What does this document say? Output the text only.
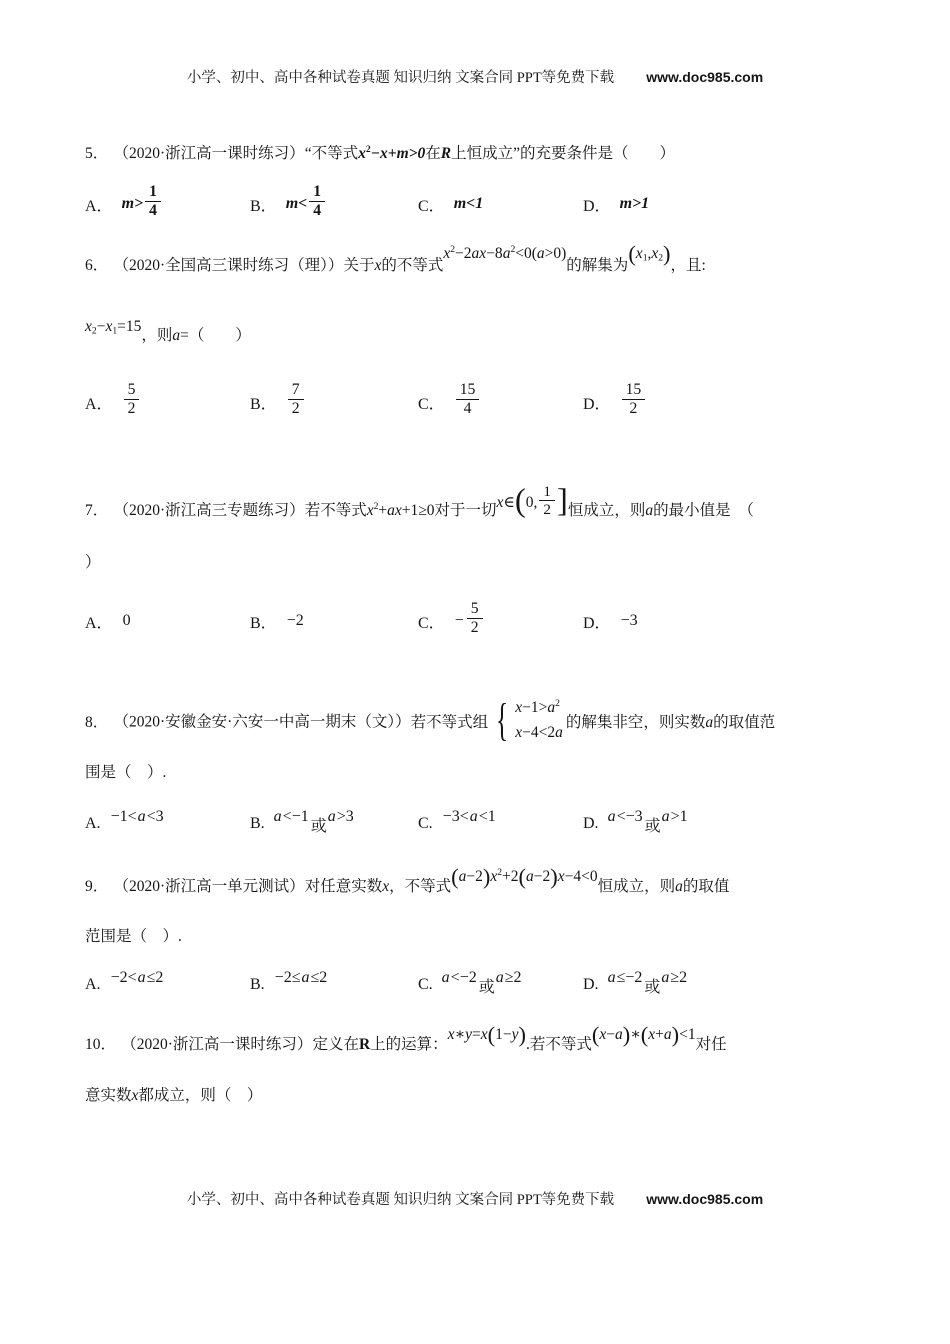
小学、初中、高中各种试卷真题 知识归纳 文案合同 PPT等免费下载 www.doc985.com
5． （2020·浙江高一课时练习）“不等式$x^2-x+m>0$在R上恒成立”的充要条件是（　　）
A． $m> \frac{1}{4}$	B． $m< \frac{1}{4}$	C． m<1	D． m>1
6． （2020·全国高三课时练习（理））关于x的不等式$x^2-2ax-8a^2<0(a>0)$的解集为(x1,x2)，且:
x2−x1=15，则a=（　　）
A． $\frac{5}{2}$	B． $\frac{7}{2}$	C． $\frac{15}{4}$	D． $\frac{15}{2}$
7． （2020·浙江高三专题练习）若不等式$x^2+ax+1\ge 0$对于一切x∈(0, $\frac{1}{2}$ ]恒成立，则a的最小值是　（
）
A． 0	B． −2	C． − $\frac{5}{2}$	D． −3
8． （2020·安徽金安·六安一中高一期末（文））若不等式组 { $x-1>a^2$
x−4<2a
的解集非空，则实数a的取值范
围是（　）.
A. −1<a<3	B. a<−1
或
a>3	C. −3<a<1	D. a<−3
或
a>1
9． （2020·浙江高一单元测试）对任意实数x，不等式$(a-2)x^2+2(a-2)x-4<0$恒成立，则a的取值
范围是（　）.
A. −2<a≤2	B. −2≤a≤2	C. a<−2
或
a≥2	D. a≤−2
或
a≥2
10． （2020·浙江高一课时练习）定义在R上的运算：x∗y=x(1−y).若不等式(x−a)∗(x+a)<1对任
意实数x都成立，则（　）
小学、初中、高中各种试卷真题 知识归纳 文案合同 PPT等免费下载 www.doc985.com
